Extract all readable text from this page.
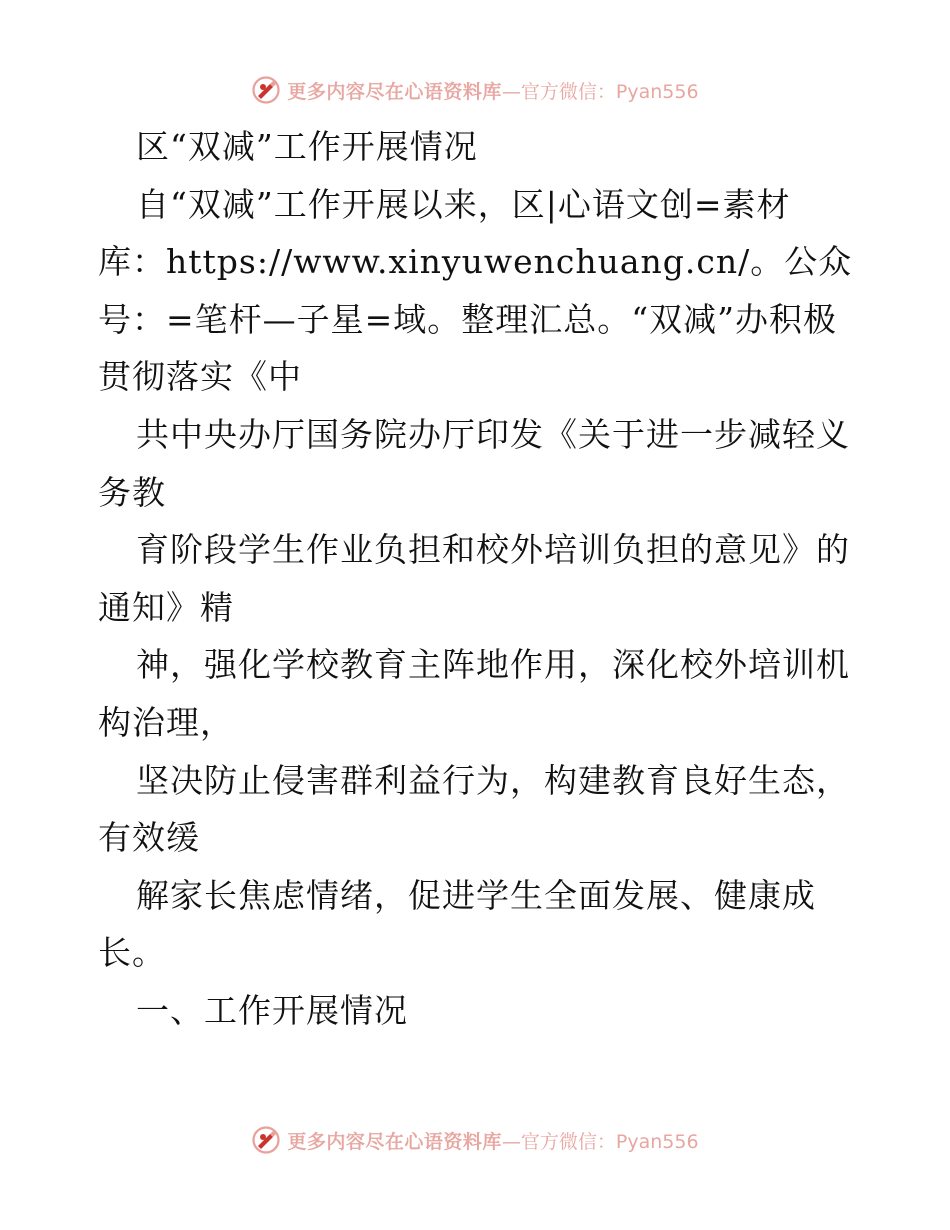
更多内容尽在心语资料库 —官方微信：Pyan556

区“双减”工作开展情况

自“双减”工作开展以来，区|心语文创=素材库：https://www.xinyuwenchuang.cn/。公众号：=笔杆—子星=域。整理汇总。“双减”办积极贯彻落实《中

共中央办厅国务院办厅印发《关于进一步减轻义务教

育阶段学生作业负担和校外培训负担的意见》的通知》精

神，强化学校教育主阵地作用，深化校外培训机构治理，

坚决防止侵害群利益行为，构建教育良好生态，有效缓

解家长焦虑情绪，促进学生全面发展、健康成长。

一、工作开展情况

更多内容尽在心语资料库 —官方微信：Pyan556
